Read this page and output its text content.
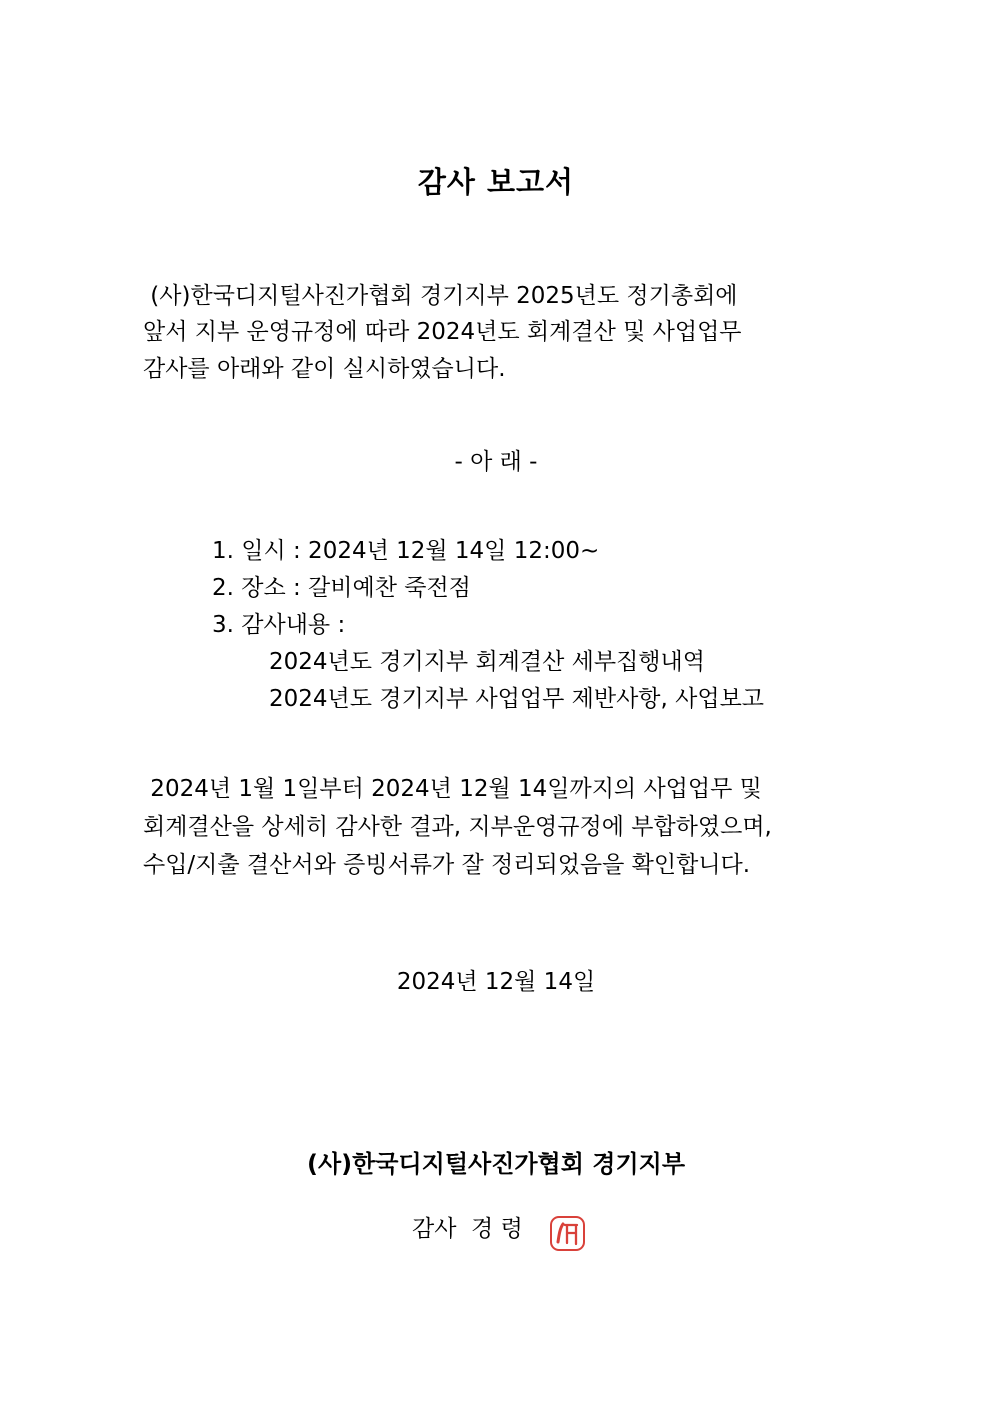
감사 보고서
(사)한국디지털사진가협회 경기지부 2025년도 정기총회에
앞서 지부 운영규정에 따라 2024년도 회계결산 및 사업업무
감사를 아래와 같이 실시하였습니다.
- 아 래 -
1. 일시 : 2024년 12월 14일 12:00~
2. 장소 : 갈비예찬 죽전점
3. 감사내용 :
2024년도 경기지부 회계결산 세부집행내역
2024년도 경기지부 사업업무 제반사항, 사업보고
2024년 1월 1일부터 2024년 12월 14일까지의 사업업무 및
회계결산을 상세히 감사한 결과, 지부운영규정에 부합하였으며,
수입/지출 결산서와 증빙서류가 잘 정리되었음을 확인합니다.
2024년 12월 14일
(사)한국디지털사진가협회 경기지부
감사  경 령
